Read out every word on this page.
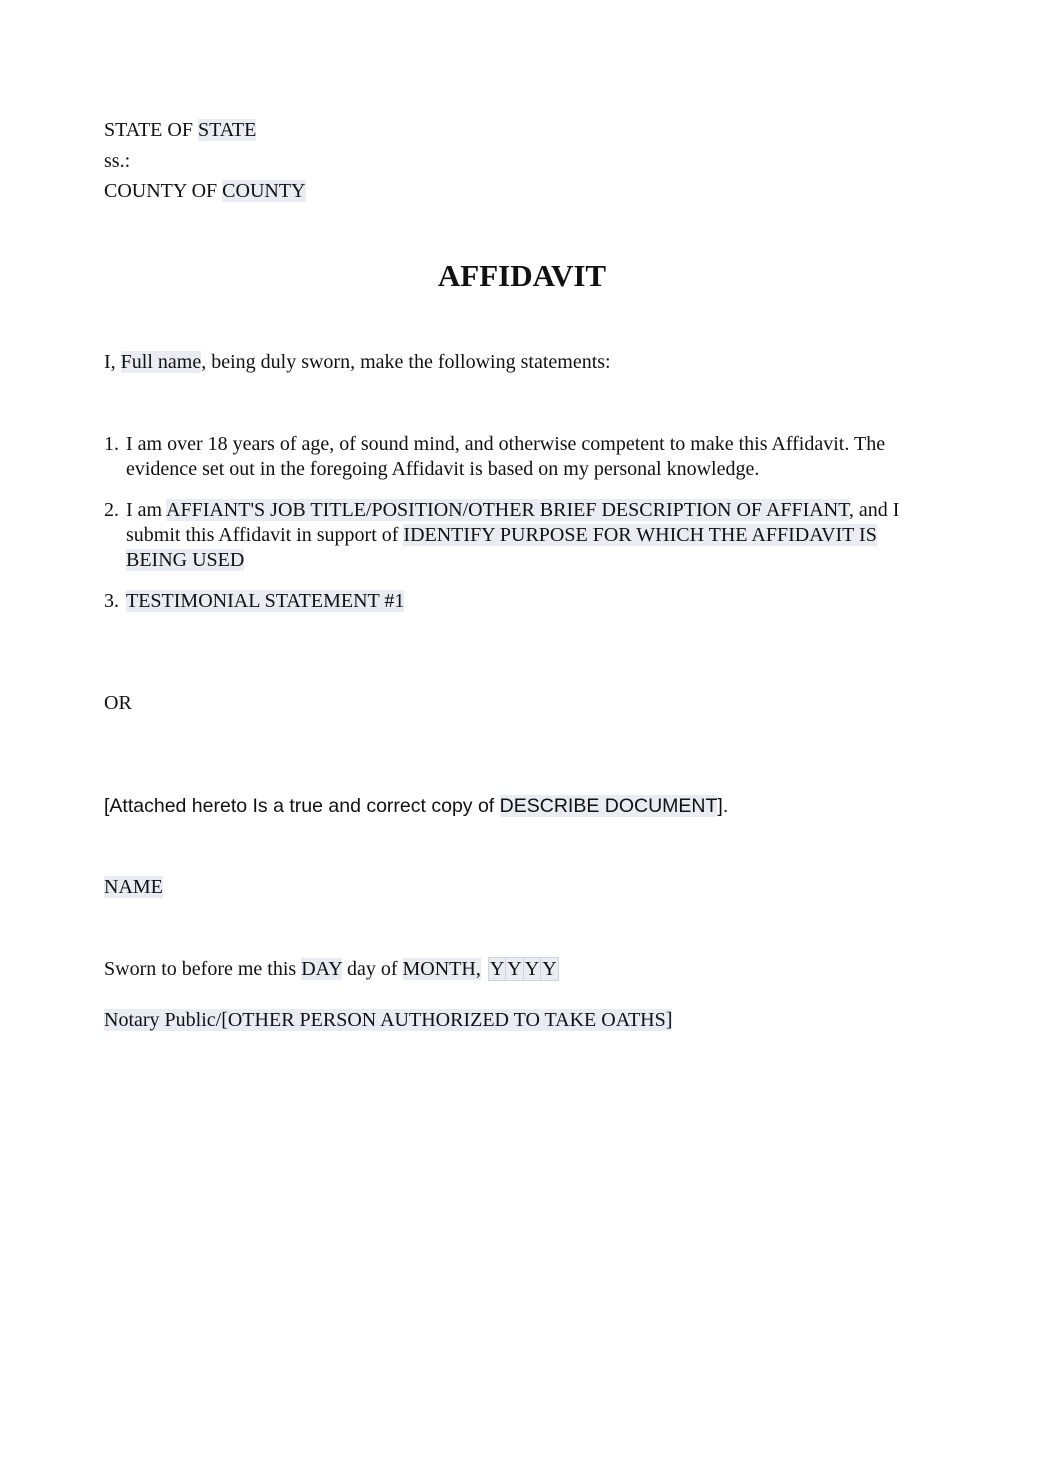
STATE OF STATE
ss.:
COUNTY OF COUNTY
AFFIDAVIT
I, Full name, being duly sworn, make the following statements:
1. I am over 18 years of age, of sound mind, and otherwise competent to make this Affidavit. The
evidence set out in the foregoing Affidavit is based on my personal knowledge.
2. I am AFFIANT'S JOB TITLE/POSITION/OTHER BRIEF DESCRIPTION OF AFFIANT, and I
submit this Affidavit in support of IDENTIFY PURPOSE FOR WHICH THE AFFIDAVIT IS
BEING USED
3. TESTIMONIAL STATEMENT #1
OR
[Attached hereto Is a true and correct copy of DESCRIBE DOCUMENT].
NAME
Sworn to before me this DAY day of MONTH, Y Y Y Y
Notary Public/[OTHER PERSON AUTHORIZED TO TAKE OATHS]
